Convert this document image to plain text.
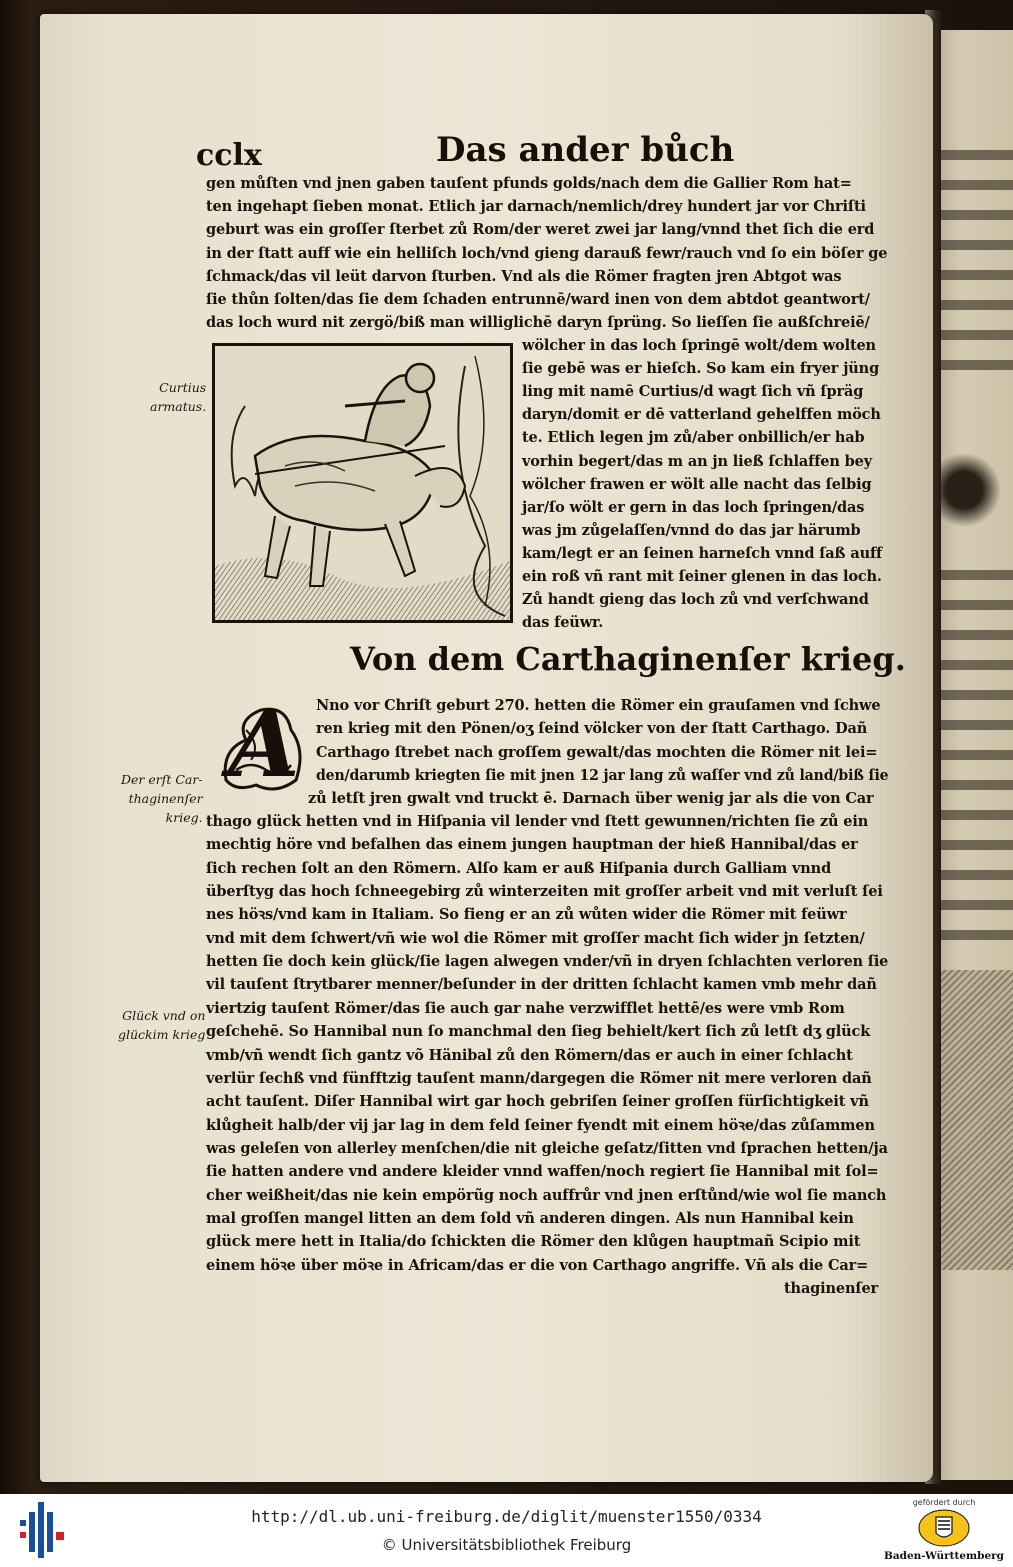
cclx	Das ander bůch
gen můſten vnd jnen gaben tauſent pfunds golds/nach dem die Gallier Rom hat=
ten ingehapt ſieben monat. Etlich jar darnach/nemlich/drey hundert jar vor Chriſti
geburt was ein groſſer ſterbet zů Rom/der weret zwei jar lang/vnnd thet ſich die erd
in der ſtatt auff wie ein helliſch loch/vnd gieng darauß fewr/rauch vnd ſo ein böſer ge
ſchmack/das vil leüt darvon ſturben. Vnd als die Römer fragten jren Abtgot was
ſie thůn ſolten/das ſie dem ſchaden entrunnē/ward inen von dem abtdot geantwort/
das loch wurd nit zergö/biß man williglichē daryn ſprüng. So lieſſen ſie außſchreiē/
wölcher in das loch ſpringē wolt/dem wolten
ſie gebē was er hieſch. So kam ein fryer jüng
ling mit namē Curtius/d wagt ſich vñ ſpräg
daryn/domit er dē vatterland gehelffen möch
te. Etlich legen jm zů/aber onbillich/er hab
vorhin begert/das m an jn ließ ſchlaffen bey
wölcher frawen er wölt alle nacht das ſelbig
jar/ſo wölt er gern in das loch ſpringen/das
was jm zůgelaſſen/vnnd do das jar härumb
kam/legt er an ſeinen harneſch vnnd ſaß auff
ein roß vñ rant mit ſeiner glenen in das loch.
Zů handt gieng das loch zů vnd verſchwand
das feüwr.
Curtius
armatus.
Von dem Carthaginenſer krieg.
A	Nno vor Chriſt geburt 270. hetten die Römer ein grauſamen vnd ſchwe
ren krieg mit den Pönen/oʒ ſeind völcker von der ſtatt Carthago. Dañ
Carthago ſtrebet nach groſſem gewalt/das mochten die Römer nit lei=
den/darumb kriegten ſie mit jnen 12 jar lang zů waſſer vnd zů land/biß ſie
zů letſt jren gwalt vnd truckt ē. Darnach über wenig jar als die von Car
Der erſt Car-
thaginenſer
krieg. thago glück hetten vnd in Hiſpania vil lender vnd ſtett gewunnen/richten ſie zů ein
mechtig höre vnd befalhen das einem jungen hauptman der hieß Hannibal/das er
ſich rechen ſolt an den Römern. Alſo kam er auß Hiſpania durch Galliam vnnd
überſtyg das hoch ſchneegebirg zů winterzeiten mit groſſer arbeit vnd mit verluſt ſei
nes höꝛs/vnd kam in Italiam. So fieng er an zů wůten wider die Römer mit feüwr
vnd mit dem ſchwert/vñ wie wol die Römer mit groſſer macht ſich wider jn ſetzten/
hetten ſie doch kein glück/ſie lagen alwegen vnder/vñ in dryen ſchlachten verloren ſie
vil tauſent ſtrytbarer menner/beſunder in der dritten ſchlacht kamen vmb mehr dañ
viertzig tauſent Römer/das ſie auch gar nahe verzwifflet hettē/es were vmb Rom
geſchehē. So Hannibal nun ſo manchmal den ſieg behielt/kert ſich zů letſt dʒ glück
vmb/vñ wendt ſich gantz võ Hänibal zů den Römern/das er auch in einer ſchlacht
verlür ſechß vnd fünfftzig tauſent mann/dargegen die Römer nit mere verloren dañ
acht tauſent. Diſer Hannibal wirt gar hoch gebriſen ſeiner groſſen fürſichtigkeit vñ
klůgheit halb/der vij jar lag in dem feld ſeiner fyendt mit einem höꝛe/das zůſammen
was geleſen von allerley menſchen/die nit gleiche geſatz/ſitten vnd ſprachen hetten/ja
ſie hatten andere vnd andere kleider vnnd waffen/noch regiert ſie Hannibal mit ſol=
cher weißheit/das nie kein empörũg noch auffrůr vnd jnen erſtůnd/wie wol ſie manch
mal groſſen mangel litten an dem ſold vñ anderen dingen. Als nun Hannibal kein
glück mere hett in Italia/do ſchickten die Römer den klůgen hauptmañ Scipio mit
einem höꝛe über möꝛe in Africam/das er die von Carthago angriffe. Vñ als die Car=
thaginenſer
Glück vnd on
glückim krieg
http://dl.ub.uni-freiburg.de/diglit/muenster1550/0334
© Universitätsbibliothek Freiburg
gefördert durch
Baden-Württemberg
